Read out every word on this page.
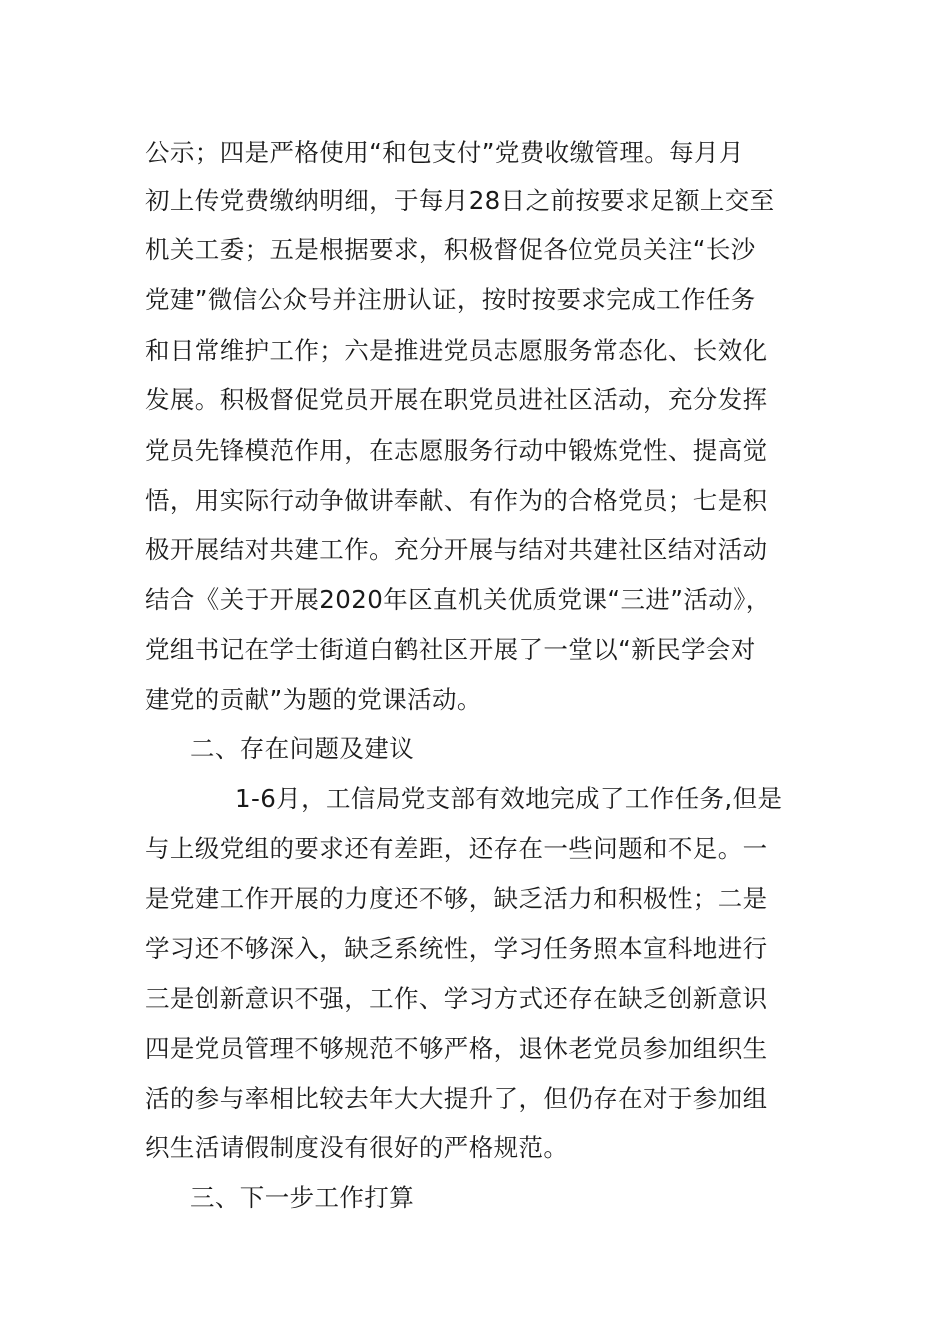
公示；四是严格使用“和包支付”党费收缴管理。每月月
初上传党费缴纳明细，于每月28日之前按要求足额上交至
机关工委；五是根据要求，积极督促各位党员关注“长沙
党建”微信公众号并注册认证，按时按要求完成工作任务
和日常维护工作；六是推进党员志愿服务常态化、长效化
发展。积极督促党员开展在职党员进社区活动，充分发挥
党员先锋模范作用，在志愿服务行动中锻炼党性、提高觉
悟，用实际行动争做讲奉献、有作为的合格党员；七是积
极开展结对共建工作。充分开展与结对共建社区结对活动
结合《关于开展2020年区直机关优质党课“三进”活动》，
党组书记在学士街道白鹤社区开展了一堂以“新民学会对
建党的贡献”为题的党课活动。
二、存在问题及建议
1-6月，工信局党支部有效地完成了工作任务,但是
与上级党组的要求还有差距，还存在一些问题和不足。一
是党建工作开展的力度还不够，缺乏活力和积极性；二是
学习还不够深入，缺乏系统性，学习任务照本宣科地进行
三是创新意识不强，工作、学习方式还存在缺乏创新意识
四是党员管理不够规范不够严格，退休老党员参加组织生
活的参与率相比较去年大大提升了，但仍存在对于参加组
织生活请假制度没有很好的严格规范。
三、下一步工作打算
